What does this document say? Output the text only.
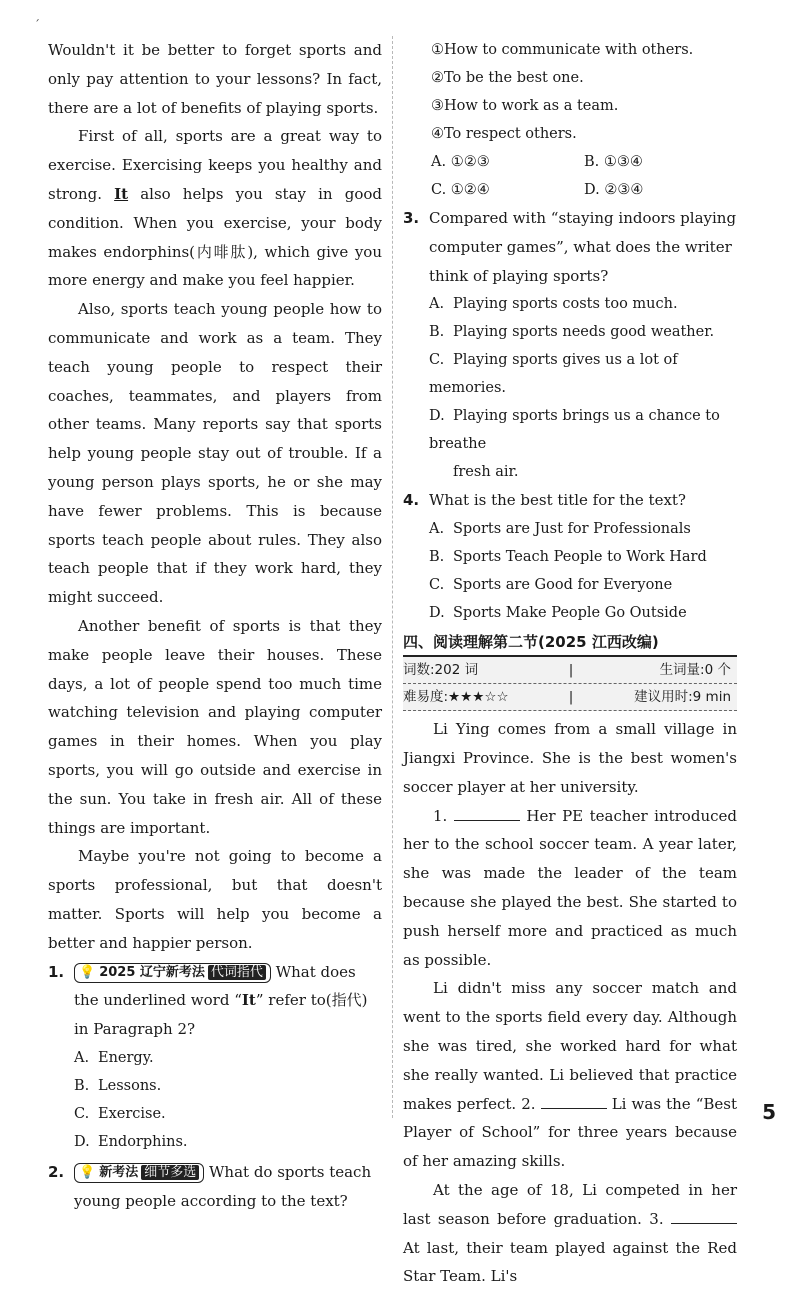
ˊ

Wouldn't it be better to forget sports and only pay attention to your lessons? In fact, there are a lot of benefits of playing sports.

First of all, sports are a great way to exercise. Exercising keeps you healthy and strong. It also helps you stay in good condition. When you exercise, your body makes endorphins(内啡肽), which give you more energy and make you feel happier.

Also, sports teach young people how to communicate and work as a team. They teach young people to respect their coaches, teammates, and players from other teams. Many reports say that sports help young people stay out of trouble. If a young person plays sports, he or she may have fewer problems. This is because sports teach people about rules. They also teach people that if they work hard, they might succeed.

Another benefit of sports is that they make people leave their houses. These days, a lot of people spend too much time watching television and playing computer games in their homes. When you play sports, you will go outside and exercise in the sun. You take in fresh air. All of these things are important.

Maybe you're not going to become a sports professional, but that doesn't matter. Sports will help you become a better and happier person.

1. 💡 2025 辽宁新考法 代词指代 What does the underlined word “It” refer to(指代) in Paragraph 2?
A. Energy.
B. Lessons.
C. Exercise.
D. Endorphins.
2. 💡 新考法 细节多选 What do sports teach young people according to the text?
①How to communicate with others.
②To be the best one.
③How to work as a team.
④To respect others.
A. ①②③	B. ①③④
C. ①②④	D. ②③④
3. Compared with “staying indoors playing computer games”, what does the writer think of playing sports?
A. Playing sports costs too much.
B. Playing sports needs good weather.
C. Playing sports gives us a lot of memories.
D. Playing sports brings us a chance to breathe
fresh air.
4. What is the best title for the text?
A. Sports are Just for Professionals
B. Sports Teach People to Work Hard
C. Sports are Good for Everyone
D. Sports Make People Go Outside
四、阅读理解第二节(2025 江西改编)
词数:202 词	|	生词量:0 个
难易度:★★★☆☆	|	建议用时:9 min

Li Ying comes from a small village in Jiangxi Province. She is the best women's soccer player at her university.

1.	Her PE teacher introduced her to the school soccer team. A year later, she was made the leader of the team because she played the best. She started to push herself more and practiced as much as possible.

Li didn't miss any soccer match and went to the sports field every day. Although she was tired, she worked hard for what she really wanted. Li believed that practice makes perfect. 2.	Li was the “Best Player of School” for three years because of her amazing skills.

At the age of 18, Li competed in her last season before graduation. 3.  At last, their team played against the Red Star Team. Li's

5
